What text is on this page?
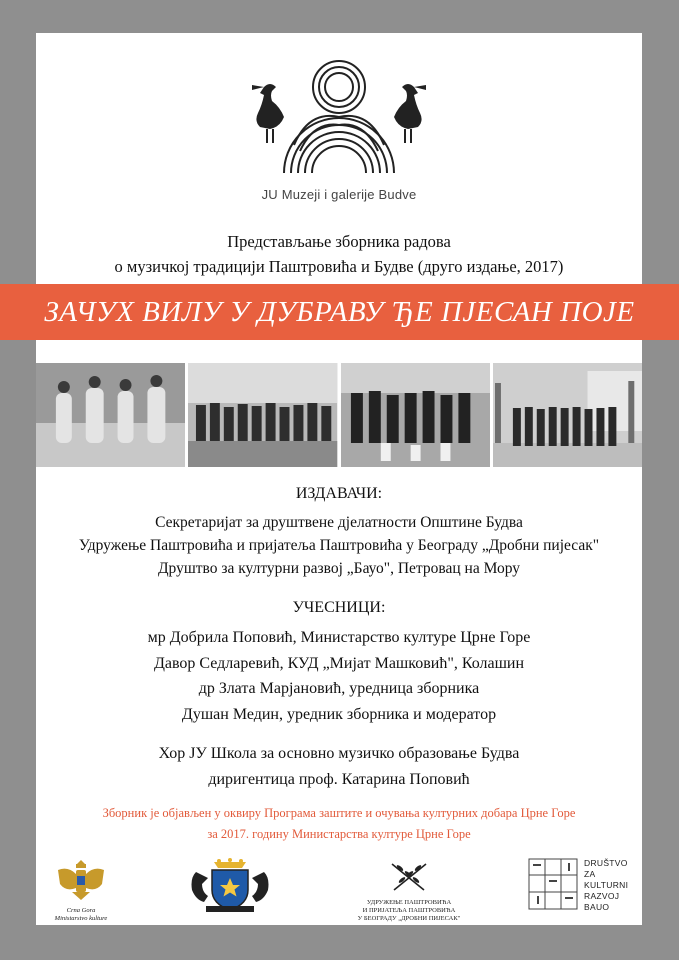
JU Muzeji i galerije Budve
Представљање зборника радова
о музичкој традицији Паштровића и Будве (друго издање, 2017)
ЗАЧУХ ВИЛУ У ДУБРАВУ ЂЕ ПЈЕСАН ПОЈЕ
ИЗДАВАЧИ:
Секретаријат за друштвене дјелатности Општине Будва
Удружење Паштровића и пријатеља Паштровића у Београду „Дробни пијесак"
Друштво за културни развој „Бауо", Петровац на Мору
УЧЕСНИЦИ:
мр Добрила Поповић, Министарство културе Црне Горе
Давор Седларевић, КУД „Мијат Машковић", Колашин
др Злата Марјановић, уредница зборника
Душан Медин, уредник зборника и модератор
Хор ЈУ Школа за основно музичко образовање Будва
диригентица проф. Катарина Поповић
Зборник је објављен у оквиру Програма заштите и очувања културних добара Црне Горе
за 2017. годину Министарства културе Црне Горе
Crna Gora
Ministarstvo kulture	БУДВА
УДРУЖЕЊЕ ПАШТРОВИЋА
И ПРИЈАТЕЉА ПАШТРОВИЋА
У БЕОГРАДУ „ДРОБНИ ПИЈЕСАК"
DRUŠTVO
ZA
KULTURNI
RAZVOJ
BAUO
